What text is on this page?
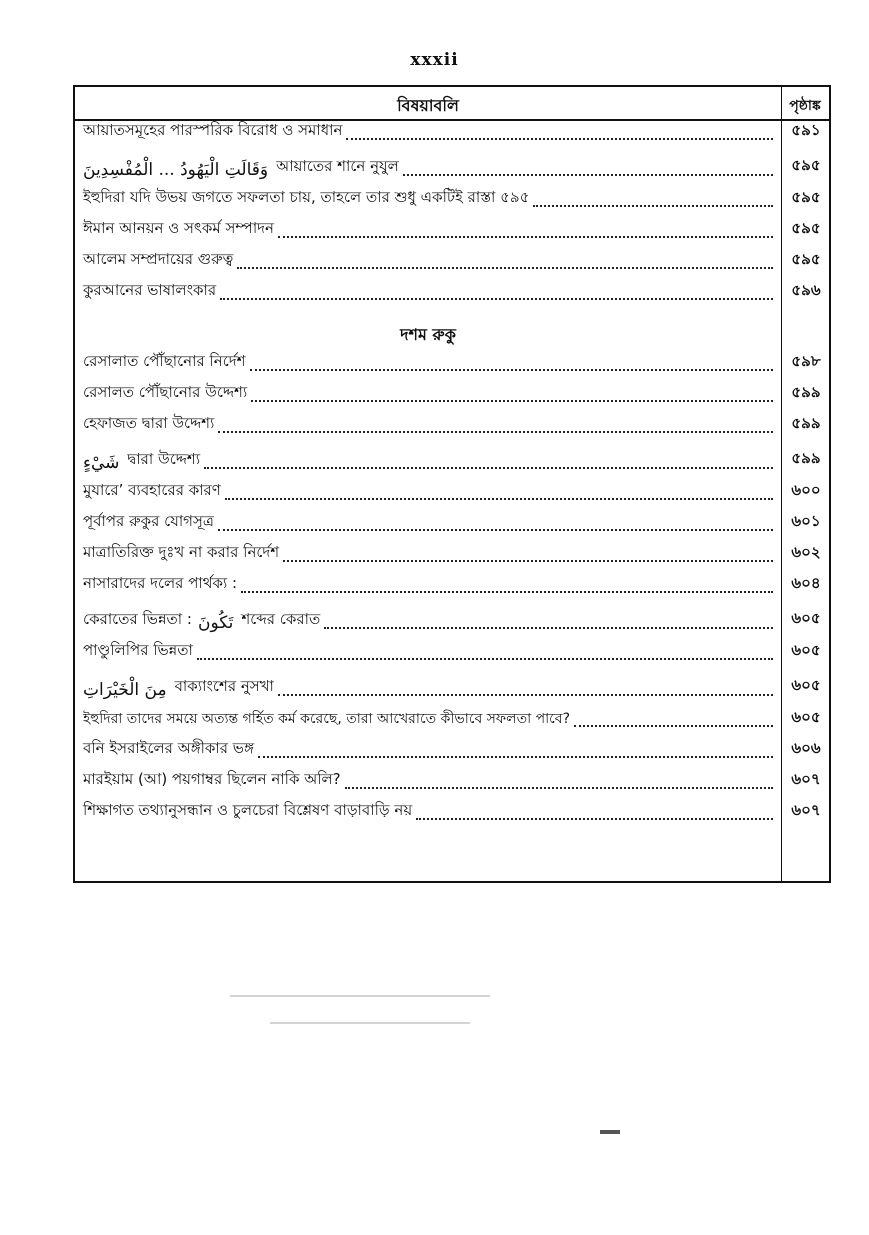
xxxii
বিষয়াবলি	পৃষ্ঠাঙ্ক
আয়াতসমূহের পারস্পরিক বিরোধ ও সমাধান	৫৯১
وَقَالَتِ الْيَهُودُ ... الْمُفْسِدِينَ আয়াতের শানে নুযুল	৫৯৫
ইহুদিরা যদি উভয় জগতে সফলতা চায়, তাহলে তার শুধু একটিই রাস্তা ৫৯৫	৫৯৫
ঈমান আনয়ন ও সৎকর্ম সম্পাদন	৫৯৫
আলেম সম্প্রদায়ের গুরুত্ব	৫৯৫
কুরআনের ভাষালংকার	৫৯৬
দশম রুকু
রেসালাত পৌঁছানোর নির্দেশ	৫৯৮
রেসালত পৌঁছানোর উদ্দেশ্য	৫৯৯
হেফাজত দ্বারা উদ্দেশ্য	৫৯৯
شَيْءٍ দ্বারা উদ্দেশ্য	৫৯৯
মুযারে’ ব্যবহারের কারণ	৬০০
পূর্বাপর রুকুর যোগসূত্র	৬০১
মাত্রাতিরিক্ত দুঃখ না করার নির্দেশ	৬০২
নাসারাদের দলের পার্থক্য :	৬০৪
কেরাতের ভিন্নতা : تَكُونَ শব্দের কেরাত	৬০৫
পাণ্ডুলিপির ভিন্নতা	৬০৫
مِنَ الْخَيْرَاتِ বাক্যাংশের নুসখা	৬০৫
ইহুদিরা তাদের সময়ে অত্যন্ত গর্হিত কর্ম করেছে, তারা আখেরাতে কীভাবে সফলতা পাবে?	৬০৫
বনি ইসরাইলের অঙ্গীকার ভঙ্গ	৬০৬
মারইয়াম (আ) পয়গাম্বর ছিলেন নাকি অলি?	৬০৭
শিক্ষাগত তথ্যানুসন্ধান ও চুলচেরা বিশ্লেষণ বাড়াবাড়ি নয়	৬০৭
